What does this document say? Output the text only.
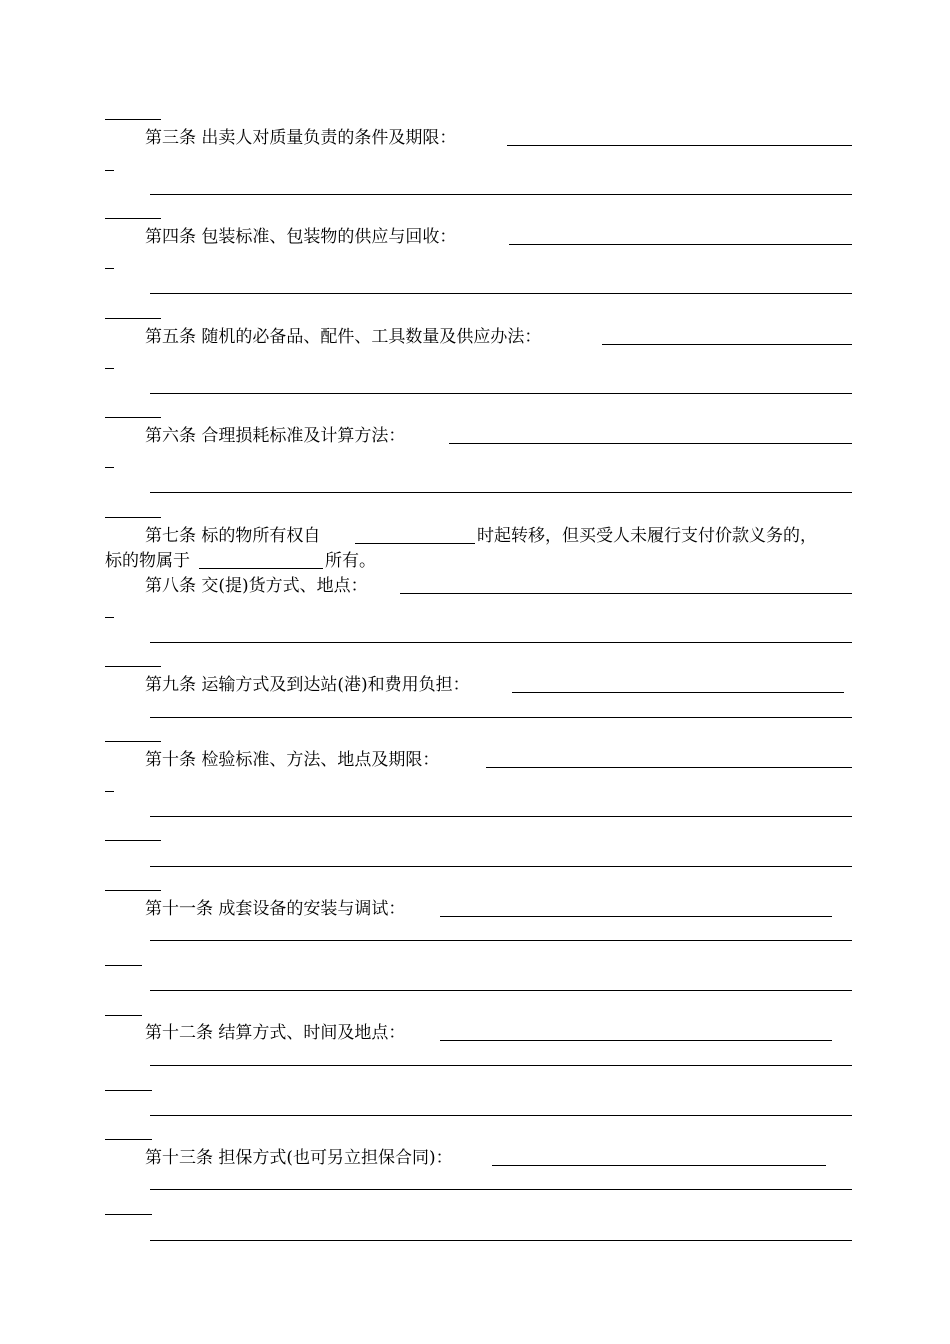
第三条 出卖人对质量负责的条件及期限：
第四条 包装标准、包装物的供应与回收：
第五条 随机的必备品、配件、工具数量及供应办法：
第六条 合理损耗标准及计算方法：
第七条 标的物所有权自	时起转移，但买受人未履行支付价款义务的，
标的物属于	所有。
第八条 交(提)货方式、地点：
第九条 运输方式及到达站(港)和费用负担：
第十条 检验标准、方法、地点及期限：
第十一条 成套设备的安装与调试：
第十二条 结算方式、时间及地点：
第十三条 担保方式(也可另立担保合同)：
